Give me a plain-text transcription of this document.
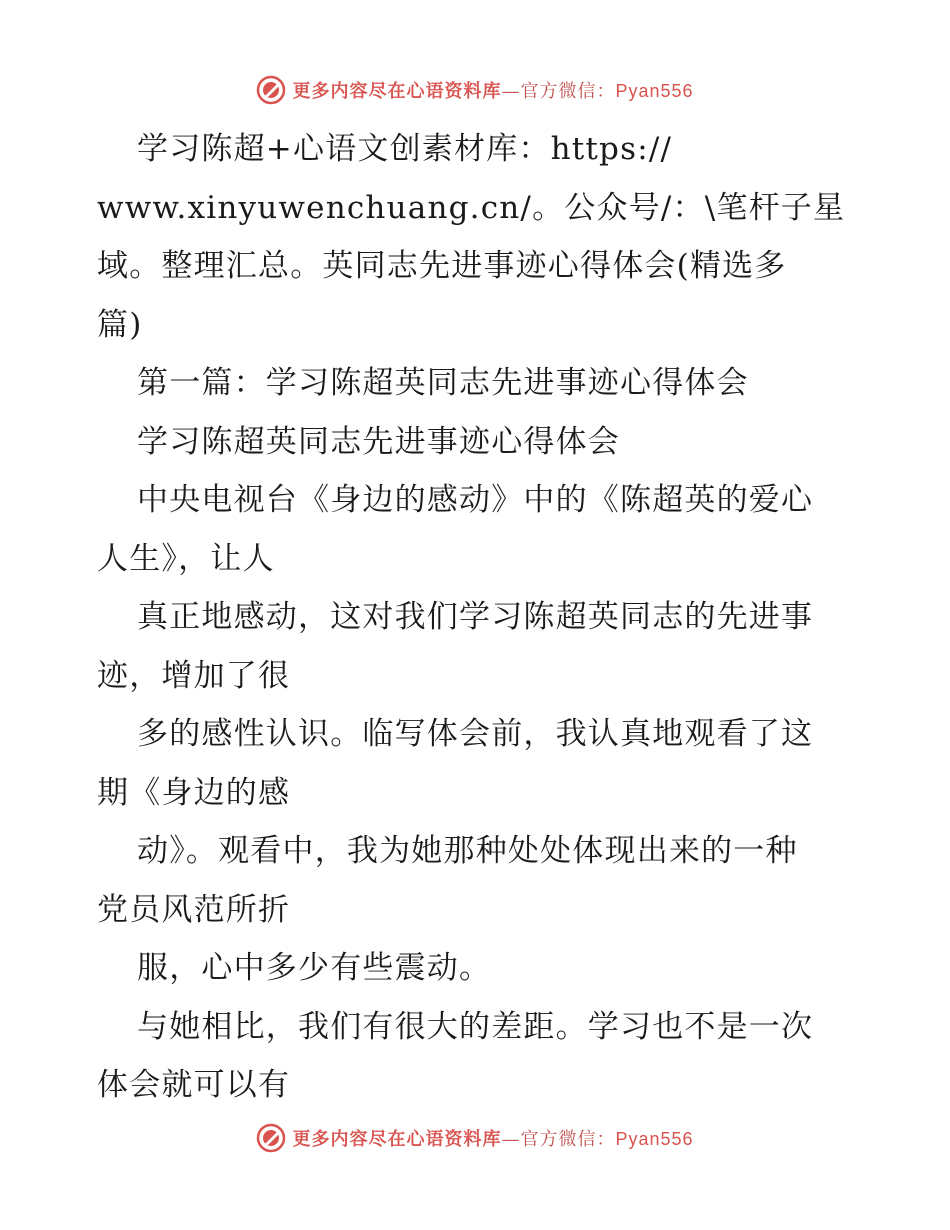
更多内容尽在心语资料库—官方微信：Pyan556
学习陈超+心语文创素材库：https://
www.xinyuwenchuang.cn/。公众号/：\笔杆子星
域。整理汇总。英同志先进事迹心得体会(精选多
篇)
第一篇：学习陈超英同志先进事迹心得体会
学习陈超英同志先进事迹心得体会
中央电视台《身边的感动》中的《陈超英的爱心
人生》，让人
真正地感动，这对我们学习陈超英同志的先进事
迹，增加了很
多的感性认识。临写体会前，我认真地观看了这
期《身边的感
动》。观看中，我为她那种处处体现出来的一种
党员风范所折
服，心中多少有些震动。
与她相比，我们有很大的差距。学习也不是一次
体会就可以有
更多内容尽在心语资料库—官方微信：Pyan556
